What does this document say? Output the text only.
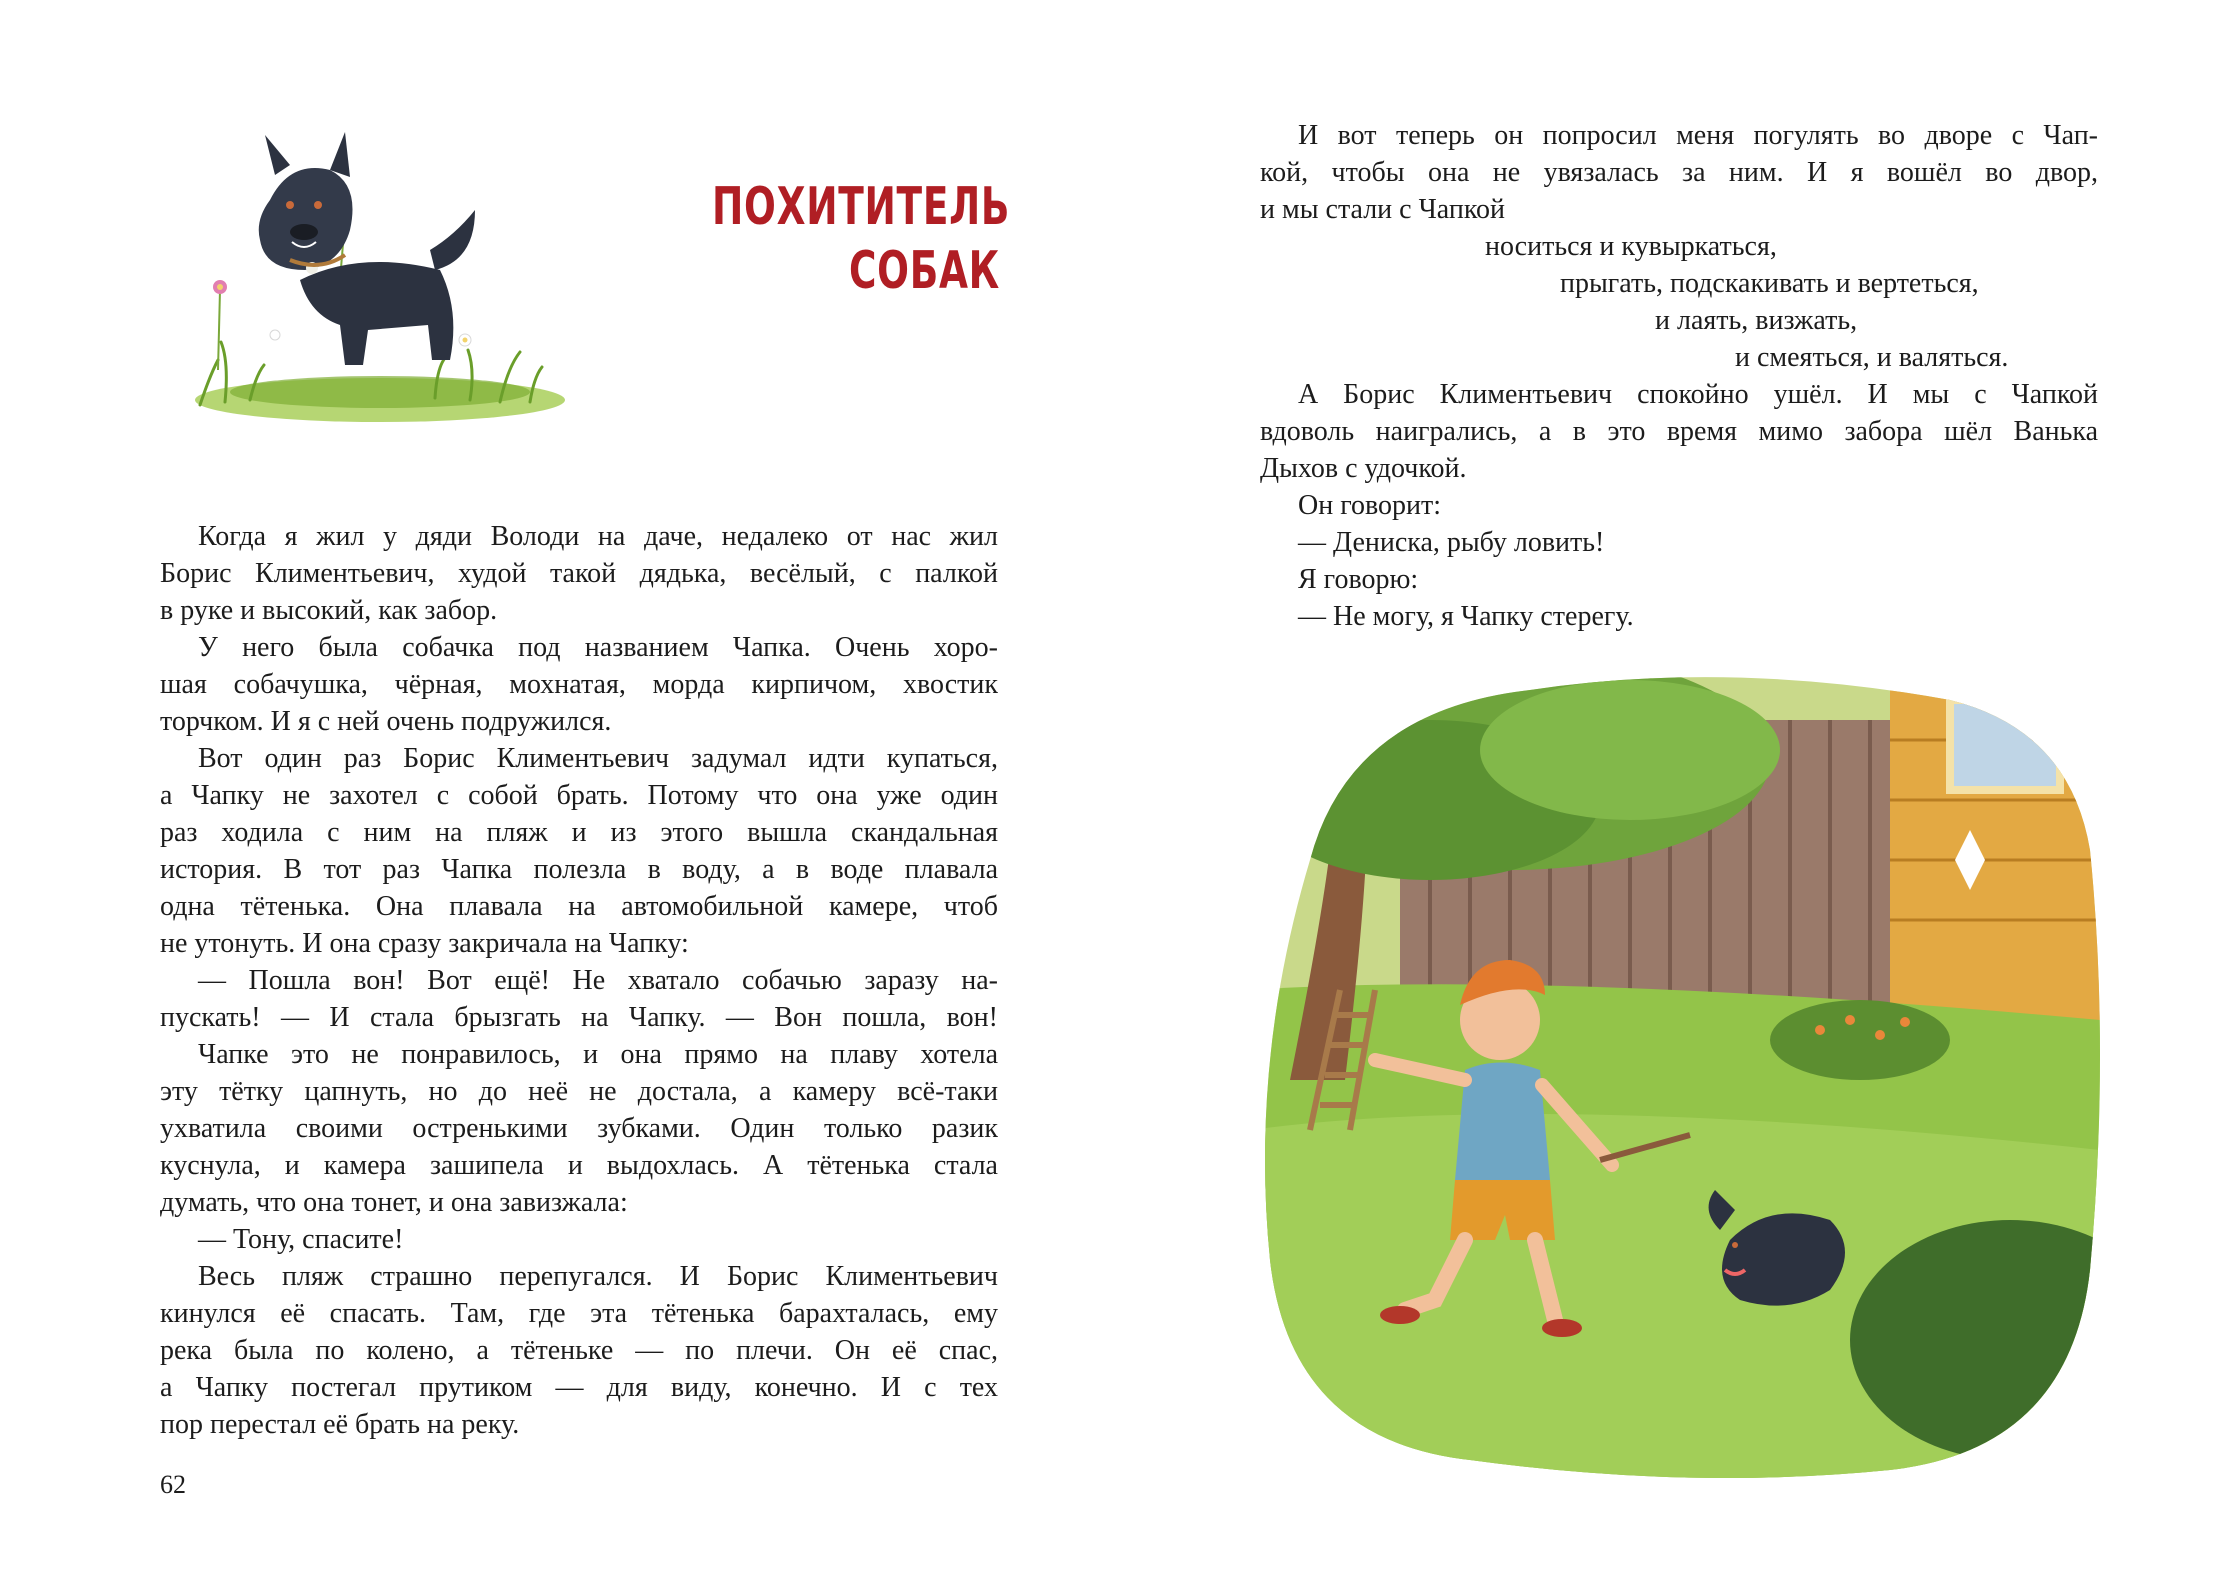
ПОХИТИТЕЛЬ
СОБАК
Когда я жил у дяди Володи на даче, недалеко от нас жил
Борис Климентьевич, худой такой дядька, весёлый, с палкой
в руке и высокий, как забор.
У него была собачка под названием Чапка. Очень хоро-
шая собачушка, чёрная, мохнатая, морда кирпичом, хвостик
торчком. И я с ней очень подружился.
Вот один раз Борис Климентьевич задумал идти купаться,
а Чапку не захотел с собой брать. Потому что она уже один
раз ходила с ним на пляж и из этого вышла скандальная
история. В тот раз Чапка полезла в воду, а в воде плавала
одна тётенька. Она плавала на автомобильной камере, чтоб
не утонуть. И она сразу закричала на Чапку:
— Пошла вон! Вот ещё! Не хватало собачью заразу на-
пускать! — И стала брызгать на Чапку. — Вон пошла, вон!
Чапке это не понравилось, и она прямо на плаву хотела
эту тётку цапнуть, но до неё не достала, а камеру всё-таки
ухватила своими остренькими зубками. Один только разик
куснула, и камера зашипела и выдохлась. А тётенька стала
думать, что она тонет, и она завизжала:
— Тону, спасите!
Весь пляж страшно перепугался. И Борис Климентьевич
кинулся её спасать. Там, где эта тётенька барахталась, ему
река была по колено, а тётеньке — по плечи. Он её спас,
а Чапку постегал прутиком — для виду, конечно. И с тех
пор перестал её брать на реку.
62
И вот теперь он попросил меня погулять во дворе с Чап-
кой, чтобы она не увязалась за ним. И я вошёл во двор,
и мы стали с Чапкой
носиться и кувыркаться,
прыгать, подскакивать и вертеться,
и лаять, визжать,
и смеяться, и валяться.
А Борис Климентьевич спокойно ушёл. И мы с Чапкой
вдоволь наигрались, а в это время мимо забора шёл Ванька
Дыхов с удочкой.
Он говорит:
— Дениска, рыбу ловить!
Я говорю:
— Не могу, я Чапку стерегу.
